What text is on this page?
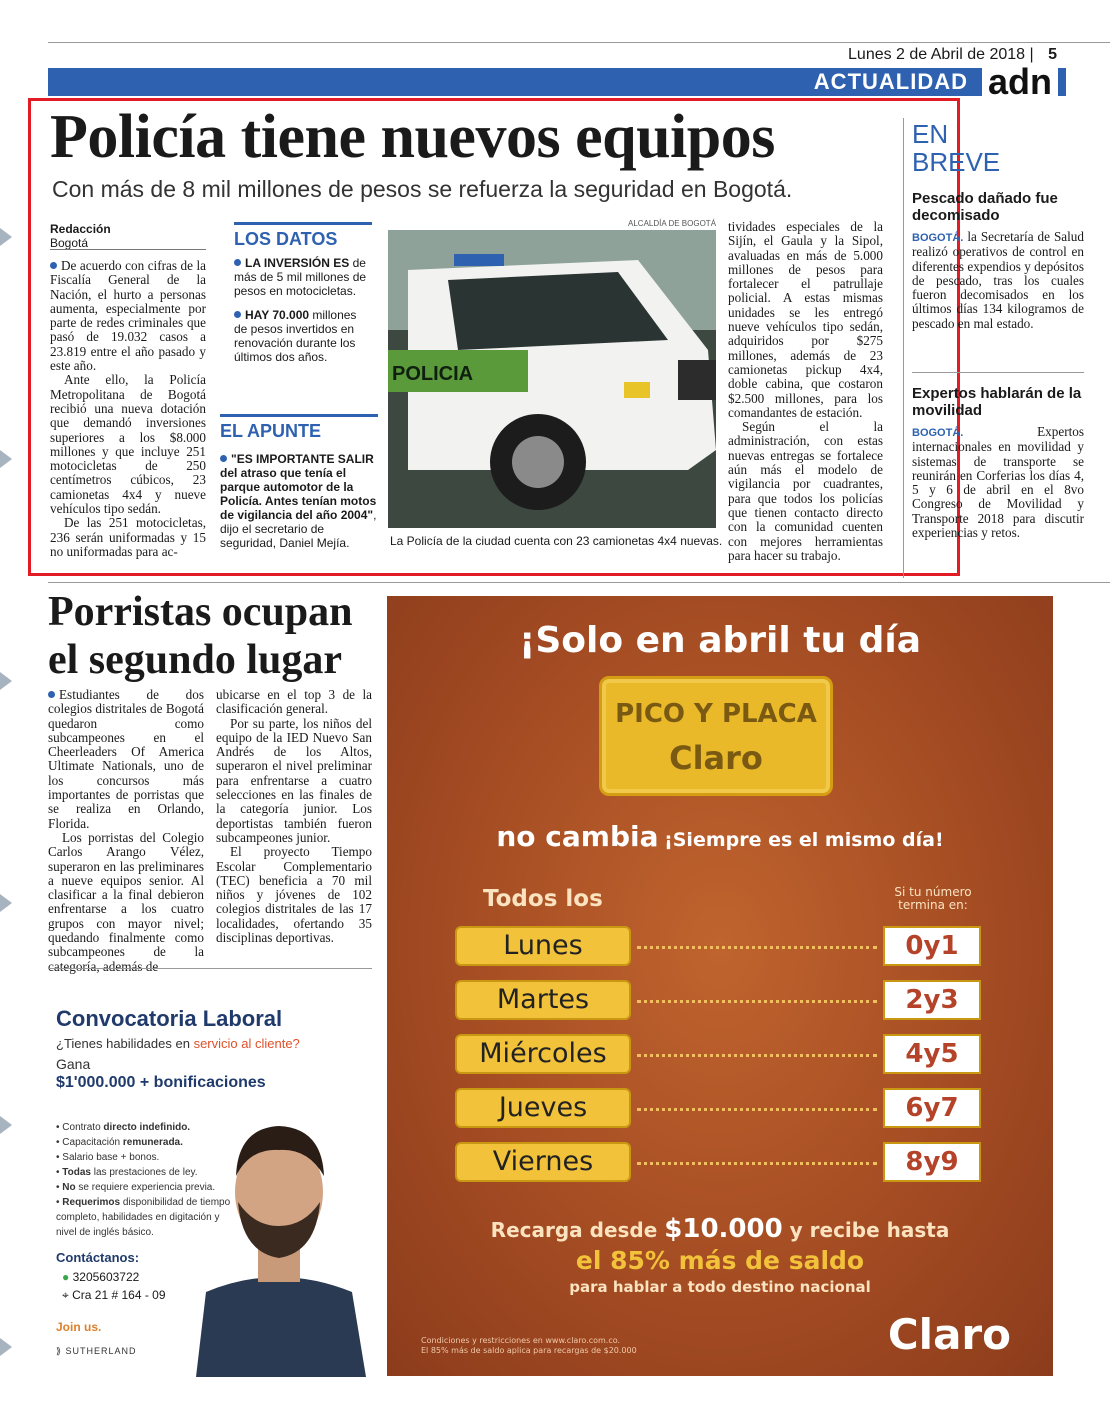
Lunes 2 de Abril de 2018 | 5
ACTUALIDAD adn
Policía tiene nuevos equipos
Con más de 8 mil millones de pesos se refuerza la seguridad en Bogotá.
Redacción
Bogotá

De acuerdo con cifras de la Fiscalía General de la Nación, el hurto a personas aumenta, especialmente por parte de redes criminales que pasó de 19.032 casos a 23.819 entre el año pasado y este año.

Ante ello, la Policía Metropolitana de Bogotá recibió una nueva dotación que demandó inversiones superiores a los $8.000 millones y que incluye 251 motocicletas de 250 centímetros cúbicos, 23 camionetas 4x4 y nueve vehículos tipo sedán.

De las 251 motocicletas, 236 serán uniformadas y 15 no uniformadas para ac-

LOS DATOS
LA INVERSIÓN ES de más de 5 mil millones de pesos en motocicletas.
HAY 70.000 millones de pesos invertidos en renovación durante los últimos dos años.
EL APUNTE
"ES IMPORTANTE SALIR del atraso que tenía el parque automotor de la Policía. Antes tenían motos de vigilancia del año 2004", dijo el secretario de seguridad, Daniel Mejía.
ALCALDÍA DE BOGOTÁ
POLICIA
La Policía de la ciudad cuenta con 23 camionetas 4x4 nuevas.

tividades especiales de la Sijín, el Gaula y la Sipol, avaluadas en más de 5.000 millones de pesos para fortalecer el patrullaje policial. A estas mismas unidades se les entregó nueve vehículos tipo sedán, adquiridos por $275 millones, además de 23 camionetas pickup 4x4, doble cabina, que costaron $2.500 millones, para los comandantes de estación.

Según el la administración, con estas nuevas entregas se fortalece aún más el modelo de vigilancia por cuadrantes, para que todos los policías que tienen contacto directo con la comunidad cuenten con mejores herramientas para hacer su trabajo.

EN
BREVE
Pescado dañado fue decomisado
BOGOTÁ. la Secretaría de Salud realizó operativos de control en diferentes expendios y depósitos de pescado, tras los cuales fueron decomisados en los últimos días 134 kilogramos de pescado en mal estado.
Expertos hablarán de la movilidad
BOGOTÁ. Expertos internacionales en movilidad y sistemas de transporte se reunirán en Corferias los días 4, 5 y 6 de abril en el 8vo Congreso de Movilidad y Transporte 2018 para discutir experiencias y retos.
Porristas ocupan
el segundo lugar

Estudiantes de dos colegios distritales de Bogotá quedaron como subcampeones en el Cheerleaders Of America Ultimate Nationals, uno de los concursos más importantes de porristas que se realiza en Orlando, Florida.

Los porristas del Colegio Carlos Arango Vélez, superaron en las preliminares a nueve equipos senior. Al clasificar a la final debieron enfrentarse a los cuatro grupos con mayor nivel; quedando finalmente como subcampeones de la categoría, además de

ubicarse en el top 3 de la clasificación general.

Por su parte, los niños del equipo de la IED Nuevo San Andrés de los Altos, superaron el nivel preliminar para enfrentarse a cuatro selecciones en las finales de la categoría junior. Los deportistas también fueron subcampeones junior.

El proyecto Tiempo Escolar Complementario (TEC) beneficia a 70 mil niños y jóvenes de 102 colegios distritales de las 17 localidades, ofertando 35 disciplinas deportivas.

Convocatoria Laboral
¿Tienes habilidades en servicio al cliente?
Gana
$1'000.000 + bonificaciones
• Contrato directo indefinido.
• Capacitación remunerada.
• Salario base + bonos.
• Todas las prestaciones de ley.
• No se requiere experiencia previa.
• Requerimos disponibilidad de tiempo completo, habilidades en digitación y nivel de inglés básico.
Contáctanos:
● 3205603722
⌖ Cra 21 # 164 - 09
Join us.
⟫ SUTHERLAND
¡Solo en abril tu día
PICO Y PLACA
Claro
no cambia ¡Siempre es el mismo día!
Todos los	Si tu número termina en:
Lunes	0y1
Martes	2y3
Miércoles	4y5
Jueves	6y7
Viernes	8y9
Recarga desde $10.000 y recibe hasta
el 85% más de saldo
para hablar a todo destino nacional
Condiciones y restricciones en www.claro.com.co.
El 85% más de saldo aplica para recargas de $20.000	Claro
